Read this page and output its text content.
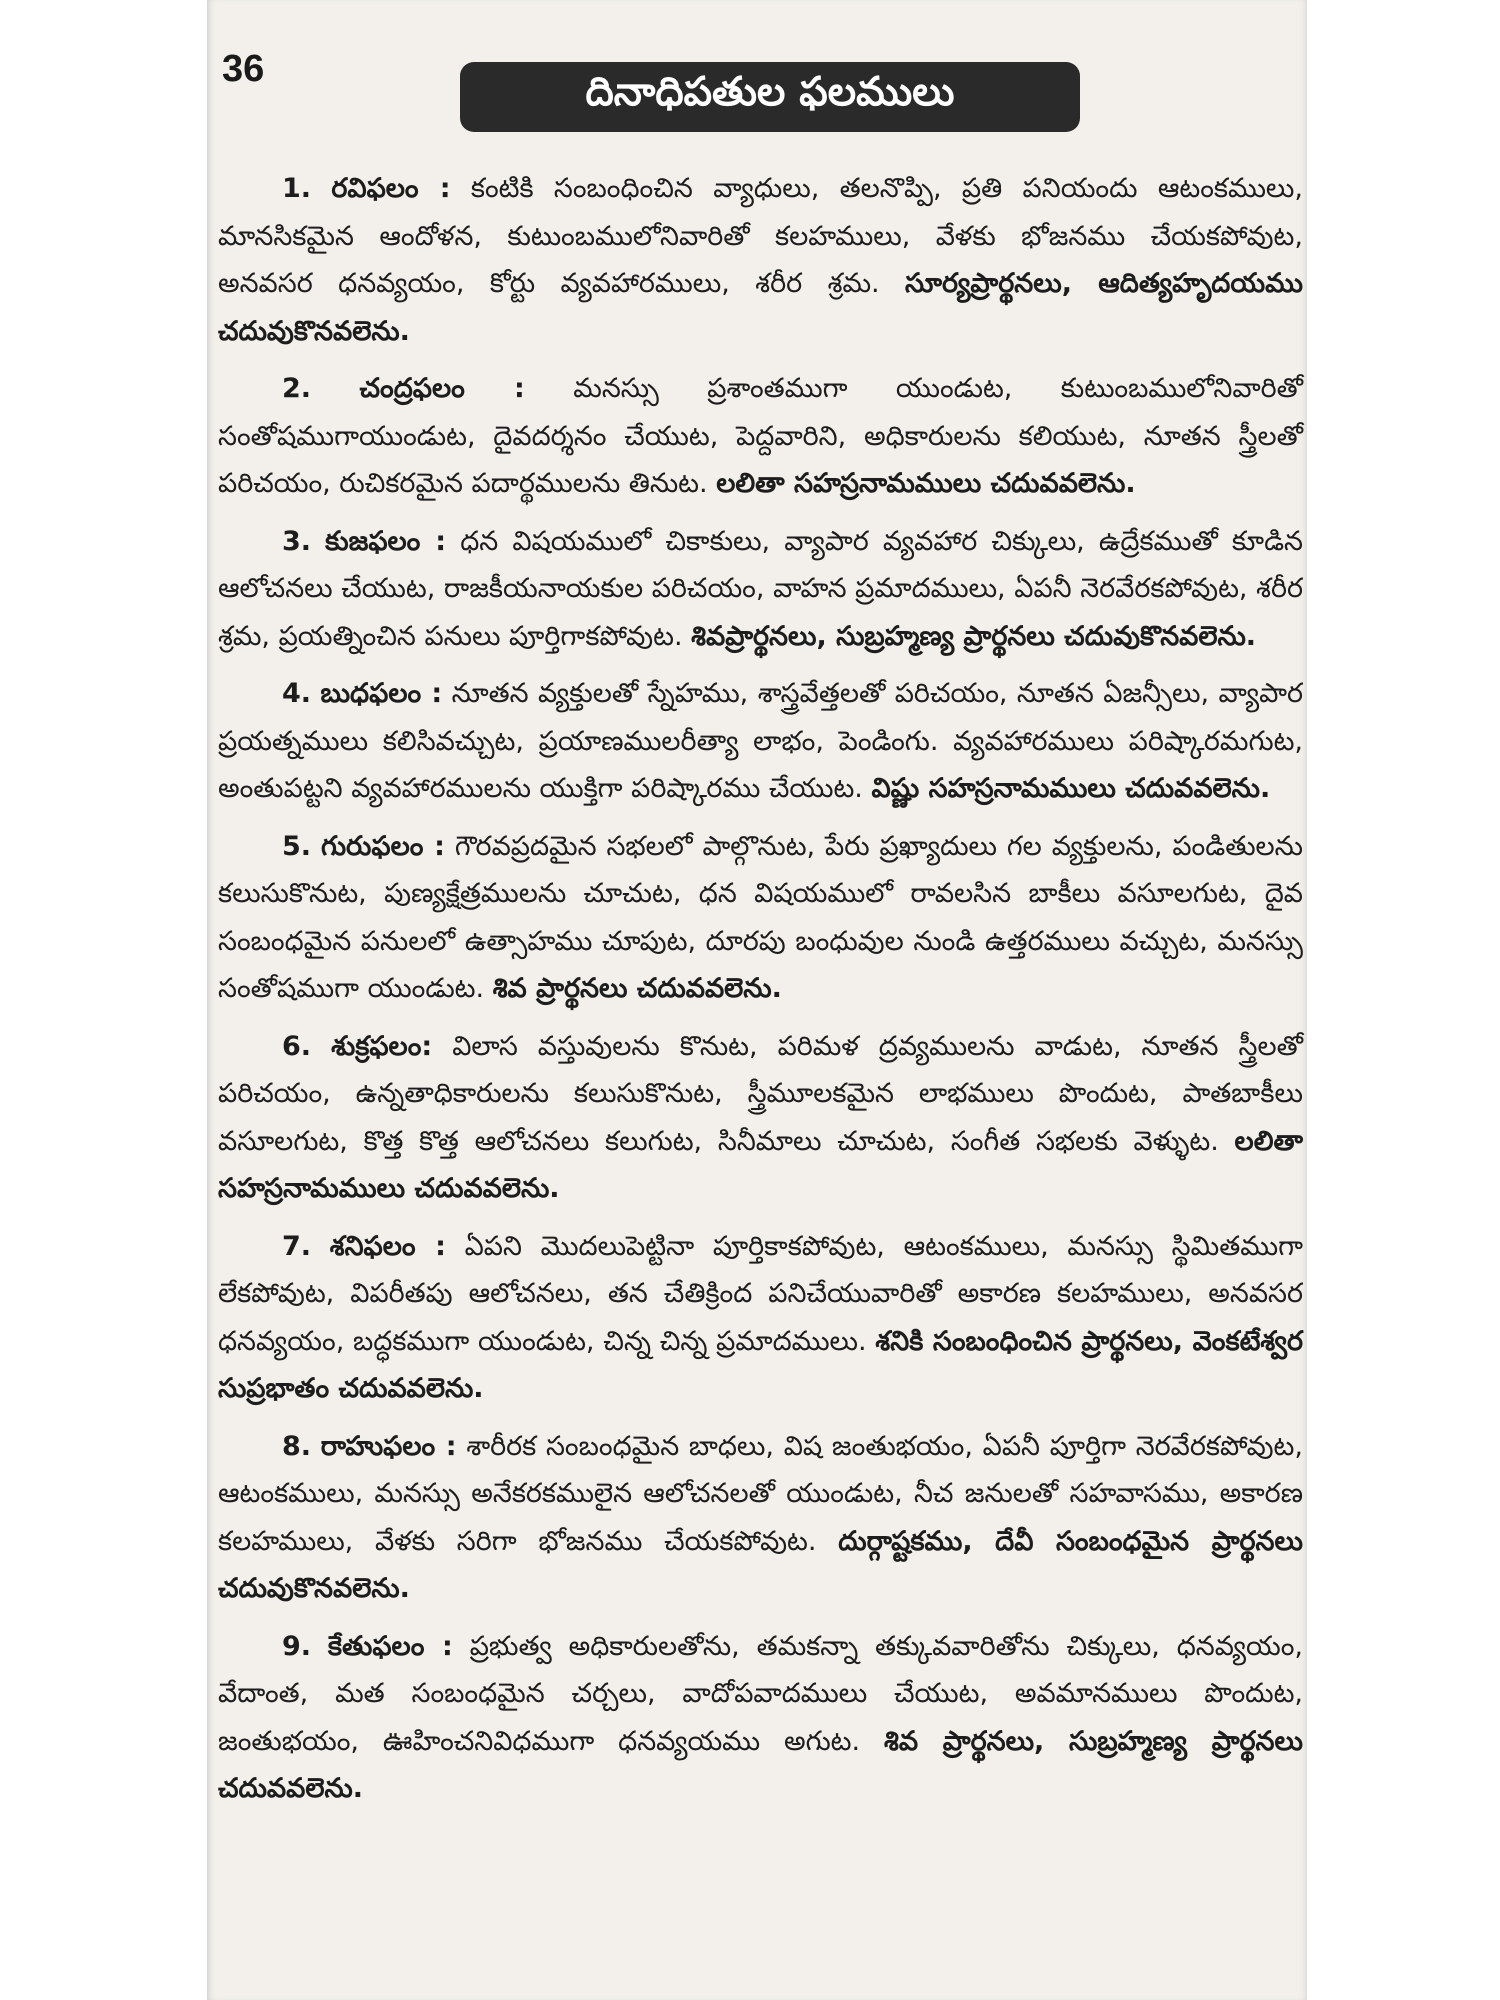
36	దినాధిపతుల ఫలములు

1. రవిఫలం : కంటికి సంబంధించిన వ్యాధులు, తలనొప్పి, ప్రతి పనియందు ఆటంకములు, మానసికమైన ఆందోళన, కుటుంబములోనివారితో కలహములు, వేళకు భోజనము చేయకపోవుట, అనవసర ధనవ్యయం, కోర్టు వ్యవహారములు, శరీర శ్రమ. సూర్యప్రార్థనలు, ఆదిత్యహృదయము చదువుకొనవలెను.

2. చంద్రఫలం : మనస్సు ప్రశాంతముగా యుండుట, కుటుంబములోనివారితో సంతోషముగాయుండుట, దైవదర్శనం చేయుట, పెద్దవారిని, అధికారులను కలియుట, నూతన స్త్రీలతో పరిచయం, రుచికరమైన పదార్థములను తినుట. లలితా సహస్రనామములు చదువవలెను.

3. కుజఫలం : ధన విషయములో చికాకులు, వ్యాపార వ్యవహార చిక్కులు, ఉద్రేకముతో కూడిన ఆలోచనలు చేయుట, రాజకీయనాయకుల పరిచయం, వాహన ప్రమాదములు, ఏపనీ నెరవేరకపోవుట, శరీర శ్రమ, ప్రయత్నించిన పనులు పూర్తిగాకపోవుట. శివప్రార్థనలు, సుబ్రహ్మణ్య ప్రార్థనలు చదువుకొనవలెను.

4. బుధఫలం : నూతన వ్యక్తులతో స్నేహము, శాస్త్రవేత్తలతో పరిచయం, నూతన ఏజన్సీలు, వ్యాపార ప్రయత్నములు కలిసివచ్చుట, ప్రయాణములరీత్యా లాభం, పెండింగు. వ్యవహారములు పరిష్కారమగుట, అంతుపట్టని వ్యవహారములను యుక్తిగా పరిష్కారము చేయుట. విష్ణు సహస్రనామములు చదువవలెను.

5. గురుఫలం : గౌరవప్రదమైన సభలలో పాల్గొనుట, పేరు ప్రఖ్యాదులు గల వ్యక్తులను, పండితులను కలుసుకొనుట, పుణ్యక్షేత్రములను చూచుట, ధన విషయములో రావలసిన బాకీలు వసూలగుట, దైవ సంబంధమైన పనులలో ఉత్సాహము చూపుట, దూరపు బంధువుల నుండి ఉత్తరములు వచ్చుట, మనస్సు సంతోషముగా యుండుట. శివ ప్రార్థనలు చదువవలెను.

6. శుక్రఫలం: విలాస వస్తువులను కొనుట, పరిమళ ద్రవ్యములను వాడుట, నూతన స్త్రీలతో పరిచయం, ఉన్నతాధికారులను కలుసుకొనుట, స్త్రీమూలకమైన లాభములు పొందుట, పాతబాకీలు వసూలగుట, కొత్త కొత్త ఆలోచనలు కలుగుట, సినీమాలు చూచుట, సంగీత సభలకు వెళ్ళుట. లలితా సహస్రనామములు చదువవలెను.

7. శనిఫలం : ఏపని మొదలుపెట్టినా పూర్తికాకపోవుట, ఆటంకములు, మనస్సు స్థిమితముగా లేకపోవుట, విపరీతపు ఆలోచనలు, తన చేతిక్రింద పనిచేయువారితో అకారణ కలహములు, అనవసర ధనవ్యయం, బద్ధకముగా యుండుట, చిన్న చిన్న ప్రమాదములు. శనికి సంబంధించిన ప్రార్థనలు, వెంకటేశ్వర సుప్రభాతం చదువవలెను.

8. రాహుఫలం : శారీరక సంబంధమైన బాధలు, విష జంతుభయం, ఏపనీ పూర్తిగా నెరవేరకపోవుట, ఆటంకములు, మనస్సు అనేకరకములైన ఆలోచనలతో యుండుట, నీచ జనులతో సహవాసము, అకారణ కలహములు, వేళకు సరిగా భోజనము చేయకపోవుట. దుర్గాష్టకము, దేవీ సంబంధమైన ప్రార్థనలు చదువుకొనవలెను.

9. కేతుఫలం : ప్రభుత్వ అధికారులతోను, తమకన్నా తక్కువవారితోను చిక్కులు, ధనవ్యయం, వేదాంత, మత సంబంధమైన చర్చలు, వాదోపవాదములు చేయుట, అవమానములు పొందుట, జంతుభయం, ఊహించనివిధముగా ధనవ్యయము అగుట. శివ ప్రార్థనలు, సుబ్రహ్మణ్య ప్రార్థనలు చదువవలెను.
